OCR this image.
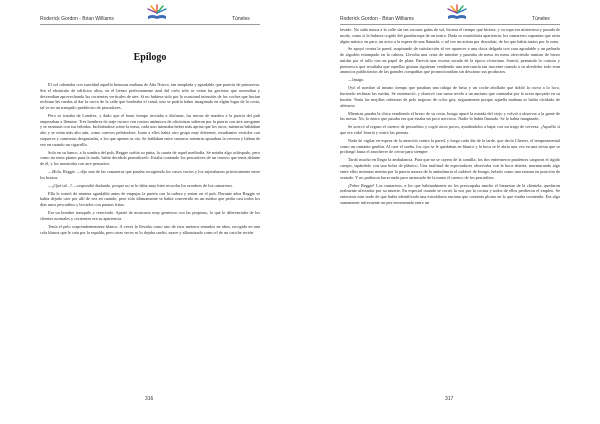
Roderick Gordon - Brian Williams	Túneles	Roderick Gordon - Brian Williams	Túneles
Epílogo

El sol calentaba con suavidad aquella hermosa mañana de Año Nuevo, tan templada y agradable que parecía de primavera. Sin el obstáculo de edificios altos, en el lienzo perfectamente azul del cielo sólo se veían las gaviotas que ascendían y descendían aprovechando las corrientes verticales de aire. Si no hubiera sido por la ocasional intrusión de los coches que hacían rechinar las ruedas al dar la curva de la calle que bordeaba el canal, uno se podría haber imaginado en algún lugar de la costa, tal ve en un tranquilo pueblecito de pescadores.

Pero se trataba de Londres, y dado que el buen tiempo invitaba a disfrutar, las mesas de madera a la puerta del pub empezaban a llenarse. Tres hombres de traje oscuro con rostros anémicos de oficinistas salieron por la puerta con aire arrogante y se sentaron con sus bebidas. Inclinándose sobre la mesa, cada uno intentaba beber más aprisa que los otros, mientras hablaban alto y se reían más alto aún, como cuervos peleándose. Junto a ellos había otro grupo muy diferente, estudiantes vestidos con vaqueros y camisetas desgastadas, a los que apenas se oía. Se hablaban entre susurros mientras apuraban la cerveza y liaban de vez en cuando un cigarrillo.

Solo en su banco, a la sombra del pub, Reggie sorbía su pinta, la cuarta de aquel mediodía. Se notaba algo achispado, pero como no tenía planes para la tarde, había decidido permitírselo. Estaba contando los pescadores de un cuenco que tenía delante de él, y los masticaba con aire pensativo.

—Hola, Reggie —dijo una de las camareras que pasaba recogiendo los vasos vacíos y los sujetabarras prácticamente entre los brazos.

—¿Qué tal...? —respondió dudando, porque no se le daba muy bien recordar los nombres de los camareros.

Ella le sonrió de manera agradable antes de empujar la puerta con la cadera y entrar en el pub. Durante años Reggie se había dejado caer por allí de vez en cuando, pero sólo últimamente se había convertido en un asiduo que pedía casi todos los días unos pescaditos y bocados con patatas fritas.

Era un hombre tranquilo y reservado. Aparte de mostrarse muy generoso con las propinas, lo que le diferenciaba de los clientes normales y corrientes era su apariencia.

Tenía el pelo sorprendentemente blanco. A veces lo llevaba como uno de esos meteros entrados en años, recogido en una cola blanca que le caía por la espalda, pero otras veces se lo dejaba suelto, suave y albornizado como el de un cariche recién

lavado. No salía nunca a la calle sin sus oscuras gafas de sol, hiciera el tiempo que hiciera, y su ropa era misteriosa y pasada de moda, como si la hubiera cogido del guardarropa de un teatro. Dada su estrafalaria apariencia, los camareros suponían que sería algún músico en paro, un actor a la espera de una llamada, o tal vez un artista por descubrir, de los que había tantos por la zona.

Se apoyó contra la pared, suspirando de satisfacción al ver aparecer a una chica delgada con cara agradable y un pañuelo de algodón estampado en la cabeza. Llevaba una cesta de mimbre y paseaba de mesa en mesa ofreciendo ramitas de brezo unidas por el tallo con un papel de plata. Parecía una escena sacada de la época victoriana. Sonrió, pensando lo curioso y pintoresco que resultaba que aquellas gitanas siguieran vendiendo una mercancía tan inocente cuando a su alrededor todo eran anuncios publicitarios de las grandes compañías que promocionaban sin descanso sus productos.

—Imago.

Oyó el nombre al mismo tiempo que pasaban una ráfaga de brisa y un coche abollado que dobló la curva a lo loco, haciendo rechinar las ruedas. Se estremeció, y observó con suma recelo a un anciano que caminaba por la acera apoyado en su bastón. Tenía las mejillas cubiertas de pelo negroso de color gris, seguramente porque aquella mañana se había olvidado de afeitarse.

Mientras pasaba la chica vendiendo el brezo de su cesta, Imago apuró la mirada del viejo y volvió a observar a la gente de las mesas. No, lo único que pasaba era que estaba un poco nervioso. Nadie lo había llamado. Se lo había imaginado.

Se acercó al regazo el cuenco de pescaditos y cogió otros pocos, ayudándolos a bajar con un trago de cerveza. ¡Aquello sí que era vida! Sonrió y estiró las piernas.

Nada de vigilar en espera de la atención contra la pared, y luego cada día de la tarde, que decía Chester, el temperamental como un cantante gruñón. Al caer el sueño, los ojos se le quedaban en blanco y la boca se le abría una vez en una siesta que se prolongó hasta el anochecer de cerrar para siempre.

Tardó mucho en llegar la ambulancia. Para que no se cayera de la camilla, los dos enfermeros prudentes cargaron el rígido cuerpo, tapándolo con una bolsa de plástico. Una multitud de espectadores observaba con la boca abierta, murmurando algo entre ellos mientras metían por la puerta trasera de la ambulancia el cadáver de Imago, helado como una estatua en posición de sentado. Y no pudieron hacer nada para arrancarle de la mano el cuenco de los pescaditos.

¡Pobre Reggie! Los camareros, a los que habitualmente no les preocupaba mucho el bienestar de la clientela, quedaron realmente afectados por su muerte. En especial cuando se corrió la voz por la cocina y todos de ellos perdieron el empleo. Se enteraron más tarde de que había identificado una estrafalaria anciana que contenía plomo en lo que estaba comiendo. Era algo sumamente infrecuente un pez envenenado entre un

316	317
